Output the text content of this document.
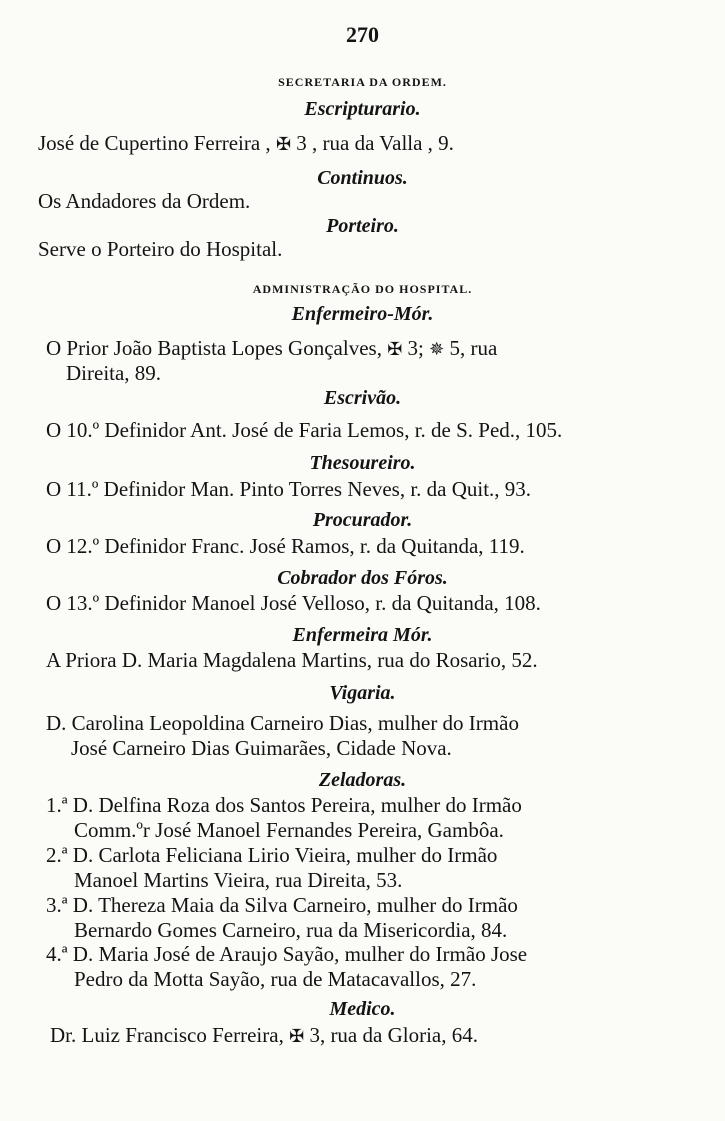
270
SECRETARIA DA ORDEM.
Escripturario.
José de Cupertino Ferreira , ✠ 3 , rua da Valla , 9.
Continuos.
Os Andadores da Ordem.
Porteiro.
Serve o Porteiro do Hospital.
ADMINISTRAÇÃO DO HOSPITAL.
Enfermeiro-Mór.
O Prior João Baptista Lopes Gonçalves, ✠ 3; ✵ 5, rua
Direita, 89.
Escrivão.
O 10.º Definidor Ant. José de Faria Lemos, r. de S. Ped., 105.
Thesoureiro.
O 11.º Definidor Man. Pinto Torres Neves, r. da Quit., 93.
Procurador.
O 12.º Definidor Franc. José Ramos, r. da Quitanda, 119.
Cobrador dos Fóros.
O 13.º Definidor Manoel José Velloso, r. da Quitanda, 108.
Enfermeira Mór.
A Priora D. Maria Magdalena Martins, rua do Rosario, 52.
Vigaria.
D. Carolina Leopoldina Carneiro Dias, mulher do Irmão
José Carneiro Dias Guimarães, Cidade Nova.
Zeladoras.
1.ª D. Delfina Roza dos Santos Pereira, mulher do Irmão
Comm.ºr José Manoel Fernandes Pereira, Gambôa.
2.ª D. Carlota Feliciana Lirio Vieira, mulher do Irmão
Manoel Martins Vieira, rua Direita, 53.
3.ª D. Thereza Maia da Silva Carneiro, mulher do Irmão
Bernardo Gomes Carneiro, rua da Misericordia, 84.
4.ª D. Maria José de Araujo Sayão, mulher do Irmão Jose
Pedro da Motta Sayão, rua de Matacavallos, 27.
Medico.
Dr. Luiz Francisco Ferreira, ✠ 3, rua da Gloria, 64.
